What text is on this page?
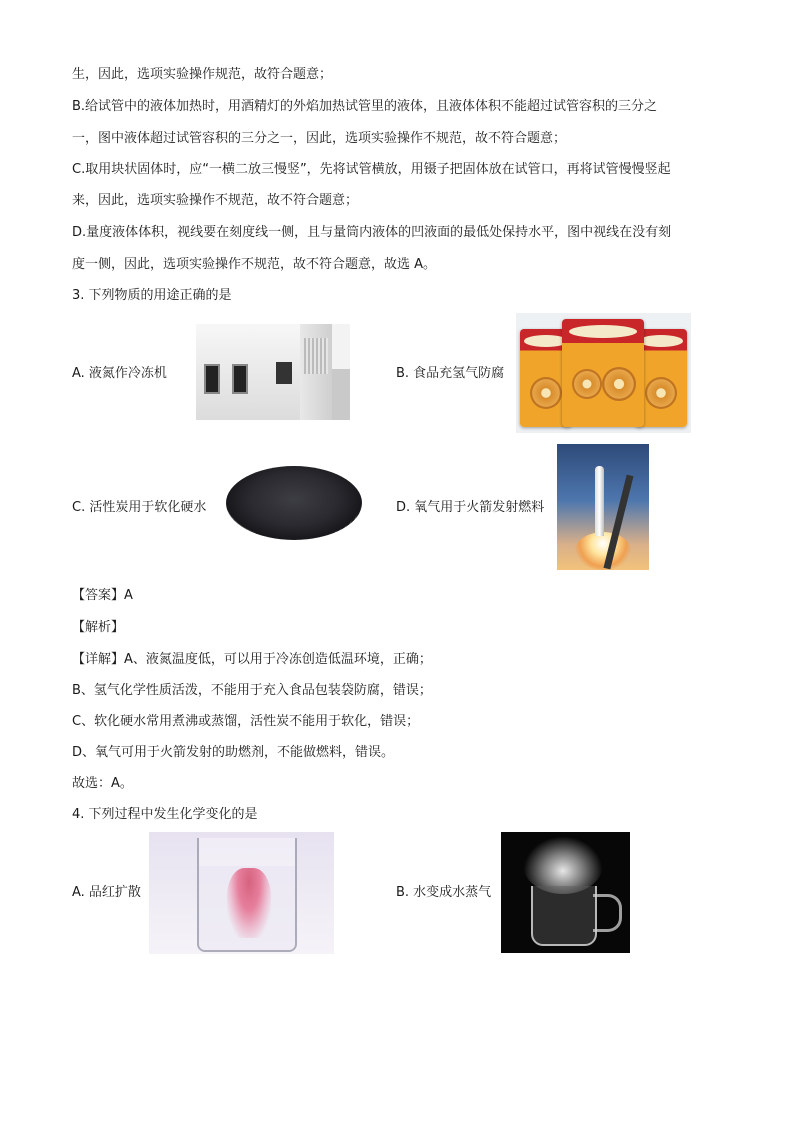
生，因此，选项实验操作规范，故符合题意；
B.给试管中的液体加热时，用酒精灯的外焰加热试管里的液体，且液体体积不能超过试管容积的三分之
一，图中液体超过试管容积的三分之一，因此，选项实验操作不规范，故不符合题意；
C.取用块状固体时，应“一横二放三慢竖”，先将试管横放，用镊子把固体放在试管口，再将试管慢慢竖起
来，因此，选项实验操作不规范，故不符合题意；
D.量度液体体积，视线要在刻度线一侧，且与量筒内液体的凹液面的最低处保持水平，图中视线在没有刻
度一侧，因此，选项实验操作不规范，故不符合题意，故选 A。
3. 下列物质的用途正确的是
A. 液氮作冷冻机	B. 食品充氢气防腐
C. 活性炭用于软化硬水	D. 氧气用于火箭发射燃料
【答案】A
【解析】
【详解】A、液氮温度低，可以用于冷冻创造低温环境，正确；
B、氢气化学性质活泼，不能用于充入食品包装袋防腐，错误；
C、软化硬水常用煮沸或蒸馏，活性炭不能用于软化，错误；
D、氧气可用于火箭发射的助燃剂，不能做燃料，错误。
故选：A。
4. 下列过程中发生化学变化的是
A. 品红扩散	B. 水变成水蒸气
